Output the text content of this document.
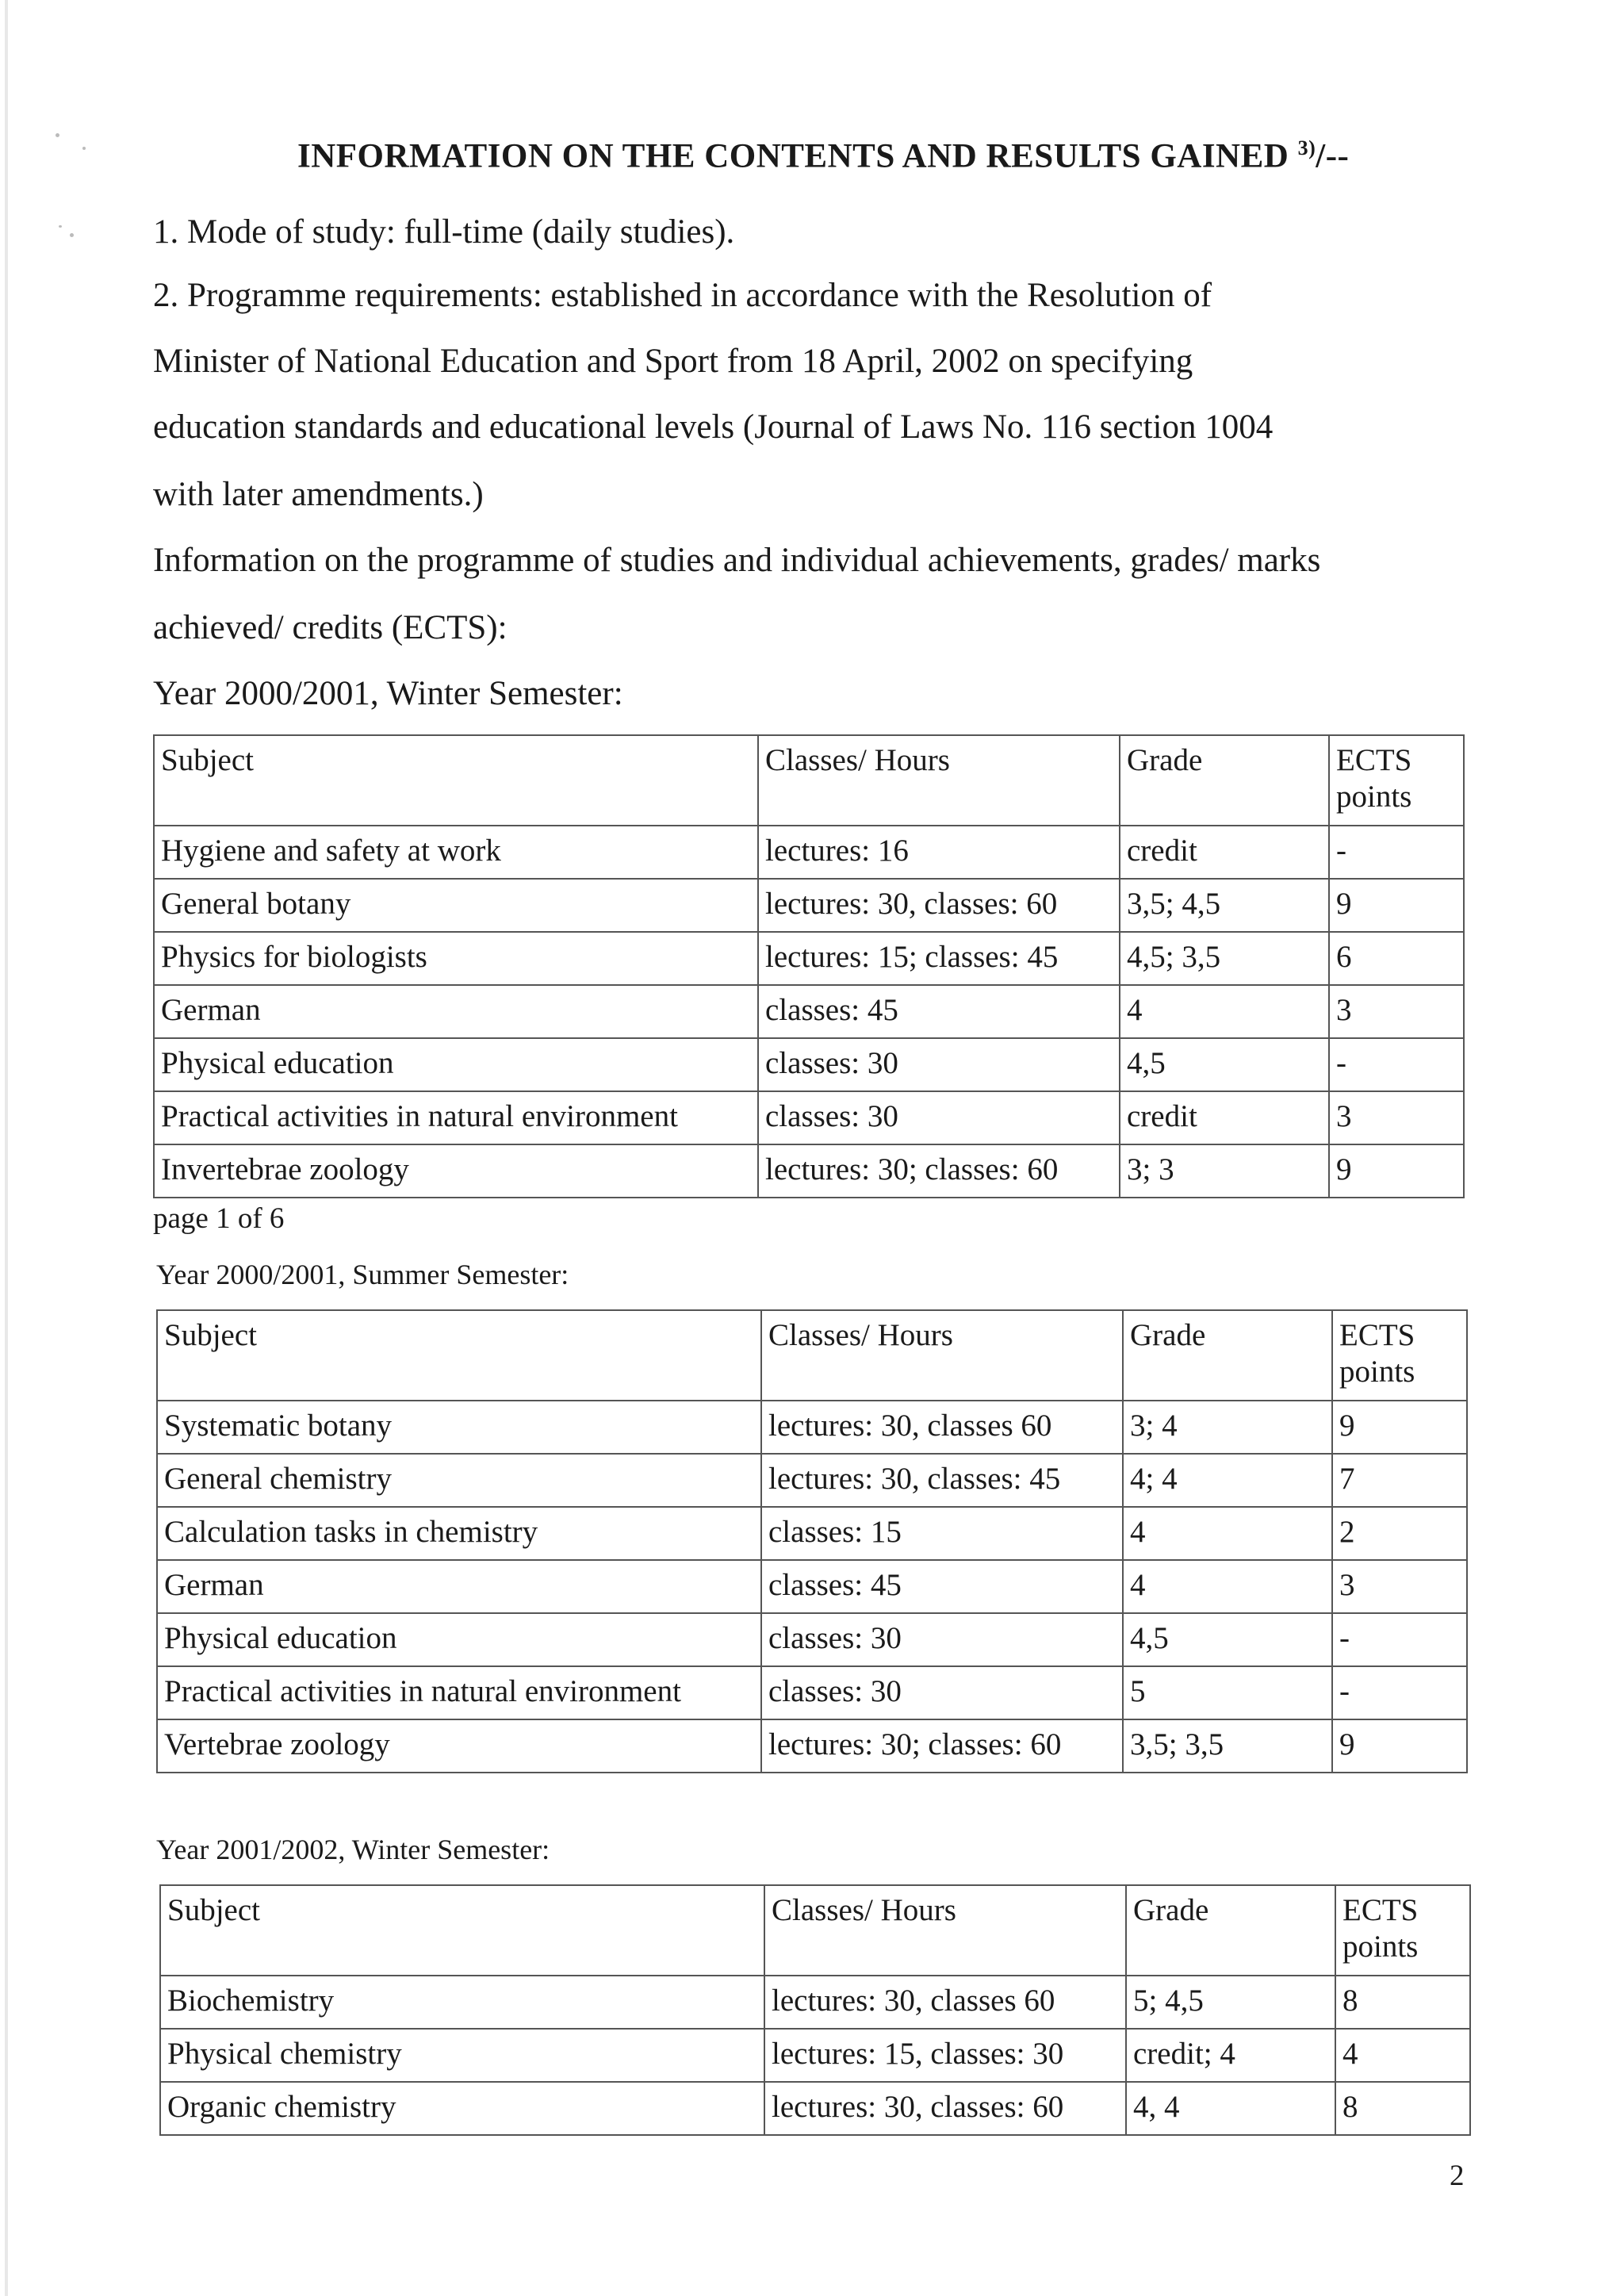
INFORMATION ON THE CONTENTS AND RESULTS GAINED $^{3)}$/--
1. Mode of study: full-time (daily studies).
2. Programme requirements: established in accordance with the Resolution of
Minister of National Education and Sport from 18 April, 2002 on specifying
education standards and educational levels (Journal of Laws No. 116 section 1004
with later amendments.)
Information on the programme of studies and individual achievements, grades/ marks
achieved/ credits (ECTS):
Year 2000/2001, Winter Semester:
Subject	Classes/ Hours	Grade	ECTS points
Hygiene and safety at work	lectures: 16	credit	-
General botany	lectures: 30, classes: 60	3,5; 4,5	9
Physics for biologists	lectures: 15; classes: 45	4,5; 3,5	6
German	classes: 45	4	3
Physical education	classes: 30	4,5	-
Practical activities in natural environment	classes: 30	credit	3
Invertebrae zoology	lectures: 30; classes: 60	3; 3	9
page 1 of 6
Year 2000/2001, Summer Semester:
Subject	Classes/ Hours	Grade	ECTS points
Systematic botany	lectures: 30, classes 60	3; 4	9
General chemistry	lectures: 30, classes: 45	4; 4	7
Calculation tasks in chemistry	classes: 15	4	2
German	classes: 45	4	3
Physical education	classes: 30	4,5	-
Practical activities in natural environment	classes: 30	5	-
Vertebrae zoology	lectures: 30; classes: 60	3,5; 3,5	9
Year 2001/2002, Winter Semester:
Subject	Classes/ Hours	Grade	ECTS points
Biochemistry	lectures: 30, classes 60	5; 4,5	8
Physical chemistry	lectures: 15, classes: 30	credit; 4	4
Organic chemistry	lectures: 30, classes: 60	4, 4	8
2
